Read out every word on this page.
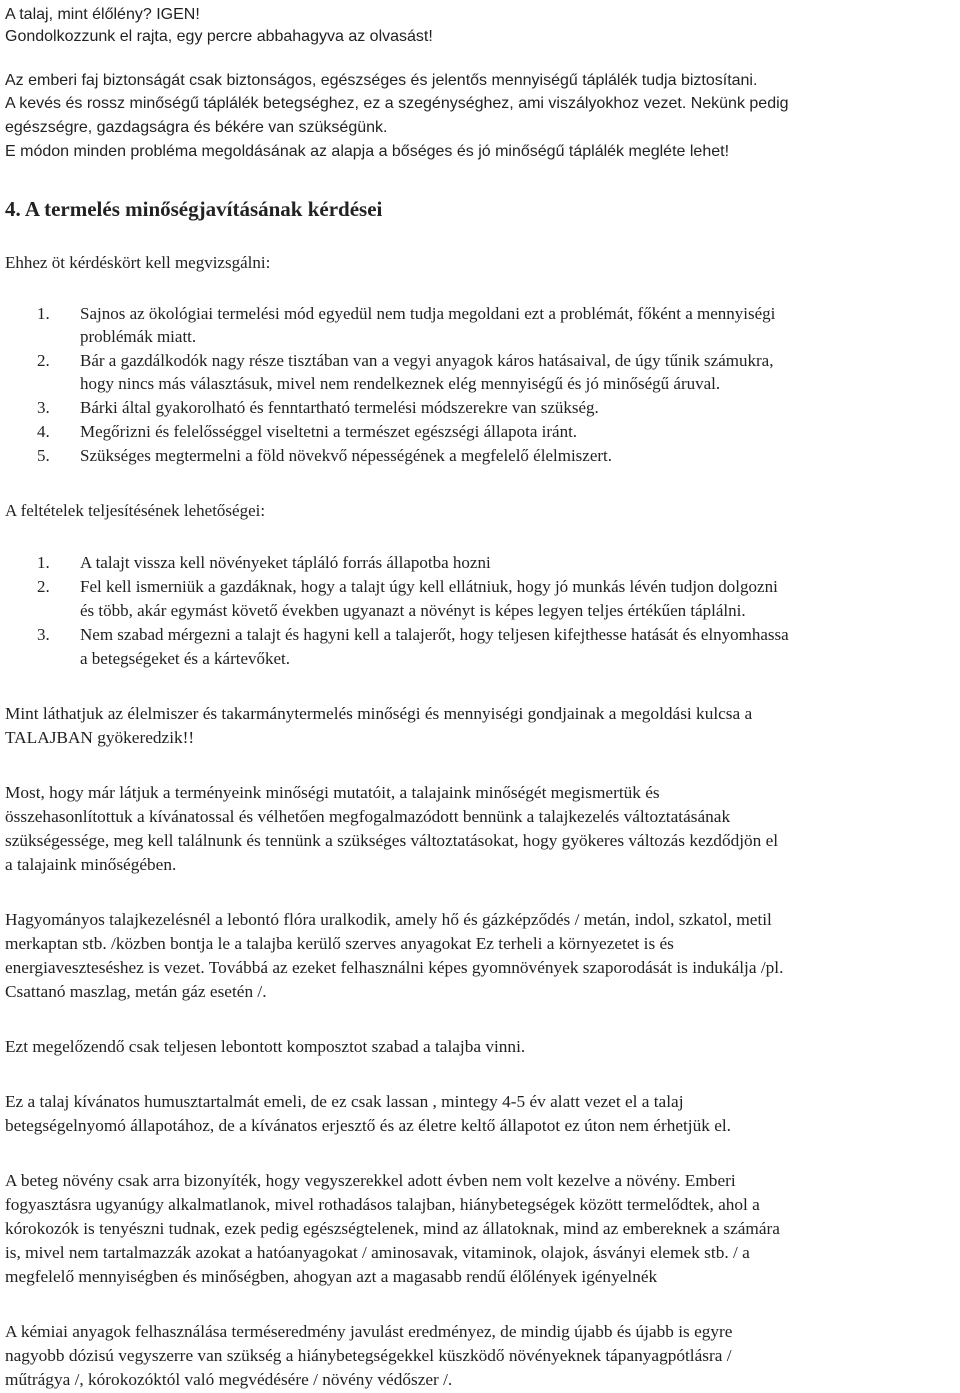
A talaj, mint élőlény? IGEN!
Gondolkozzunk el rajta, egy percre abbahagyva az olvasást!
Az emberi faj biztonságát csak biztonságos, egészséges és jelentős mennyiségű táplálék tudja biztosítani.
A kevés és rossz minőségű táplálék betegséghez, ez a szegénységhez, ami viszályokhoz vezet. Nekünk pedig
egészségre, gazdagságra és békére van szükségünk.
E módon minden probléma megoldásának az alapja a bőséges és jó minőségű táplálék megléte lehet!
4. A termelés minőségjavításának kérdései
Ehhez öt kérdéskört kell megvizsgálni:
1. Sajnos az ökológiai termelési mód egyedül nem tudja megoldani ezt a problémát, főként a mennyiségi
problémák miatt.
2. Bár a gazdálkodók nagy része tisztában van a vegyi anyagok káros hatásaival, de úgy tűnik számukra,
hogy nincs más választásuk, mivel nem rendelkeznek elég mennyiségű és jó minőségű áruval.
3. Bárki által gyakorolható és fenntartható termelési módszerekre van szükség.
4. Megőrizni és felelősséggel viseltetni a természet egészségi állapota iránt.
5. Szükséges megtermelni a föld növekvő népességének a megfelelő élelmiszert.
A feltételek teljesítésének lehetőségei:
1. A talajt vissza kell növényeket tápláló forrás állapotba hozni
2. Fel kell ismerniük a gazdáknak, hogy a talajt úgy kell ellátniuk, hogy jó munkás lévén tudjon dolgozni
és több, akár egymást követő években ugyanazt a növényt is képes legyen teljes értékűen táplálni.
3. Nem szabad mérgezni a talajt és hagyni kell a talajerőt, hogy teljesen kifejthesse hatását és elnyomhassa
a betegségeket és a kártevőket.
Mint láthatjuk az élelmiszer és takarmánytermelés minőségi és mennyiségi gondjainak a megoldási kulcsa a
TALAJBAN gyökeredzik!!
Most, hogy már látjuk a terményeink minőségi mutatóit, a talajaink minőségét megismertük és
összehasonlítottuk a kívánatossal és vélhetően megfogalmazódott bennünk a talajkezelés változtatásának
szükségessége, meg kell találnunk és tennünk a szükséges változtatásokat, hogy gyökeres változás kezdődjön el
a talajaink minőségében.
Hagyományos talajkezelésnél a lebontó flóra uralkodik, amely hő és gázképződés / metán, indol, szkatol, metil
merkaptan stb. /közben bontja le a talajba kerülő szerves anyagokat Ez terheli a környezetet is és
energiaveszteséshez is vezet. Továbbá az ezeket felhasználni képes gyomnövények szaporodását is indukálja /pl.
Csattanó maszlag, metán gáz esetén /.
Ezt megelőzendő csak teljesen lebontott komposztot szabad a talajba vinni.
Ez a talaj kívánatos humusztartalmát emeli, de ez csak lassan , mintegy 4-5 év alatt vezet el a talaj
betegségelnyomó állapotához, de a kívánatos erjesztő és az életre keltő állapotot ez úton nem érhetjük el.
A beteg növény csak arra bizonyíték, hogy vegyszerekkel adott évben nem volt kezelve a növény. Emberi
fogyasztásra ugyanúgy alkalmatlanok, mivel rothadásos talajban, hiánybetegségek között termelődtek, ahol a
kórokozók is tenyészni tudnak, ezek pedig egészségtelenek, mind az állatoknak, mind az embereknek a számára
is, mivel nem tartalmazzák azokat a hatóanyagokat / aminosavak, vitaminok, olajok, ásványi elemek stb. / a
megfelelő mennyiségben és minőségben, ahogyan azt a magasabb rendű élőlények igényelnék
A kémiai anyagok felhasználása terméseredmény javulást eredményez, de mindig újabb és újabb is egyre
nagyobb dózisú vegyszerre van szükség a hiánybetegségekkel küszködő növényeknek tápanyagpótlásra /
műtrágya /, kórokozóktól való megvédésére / növény védőszer /.
